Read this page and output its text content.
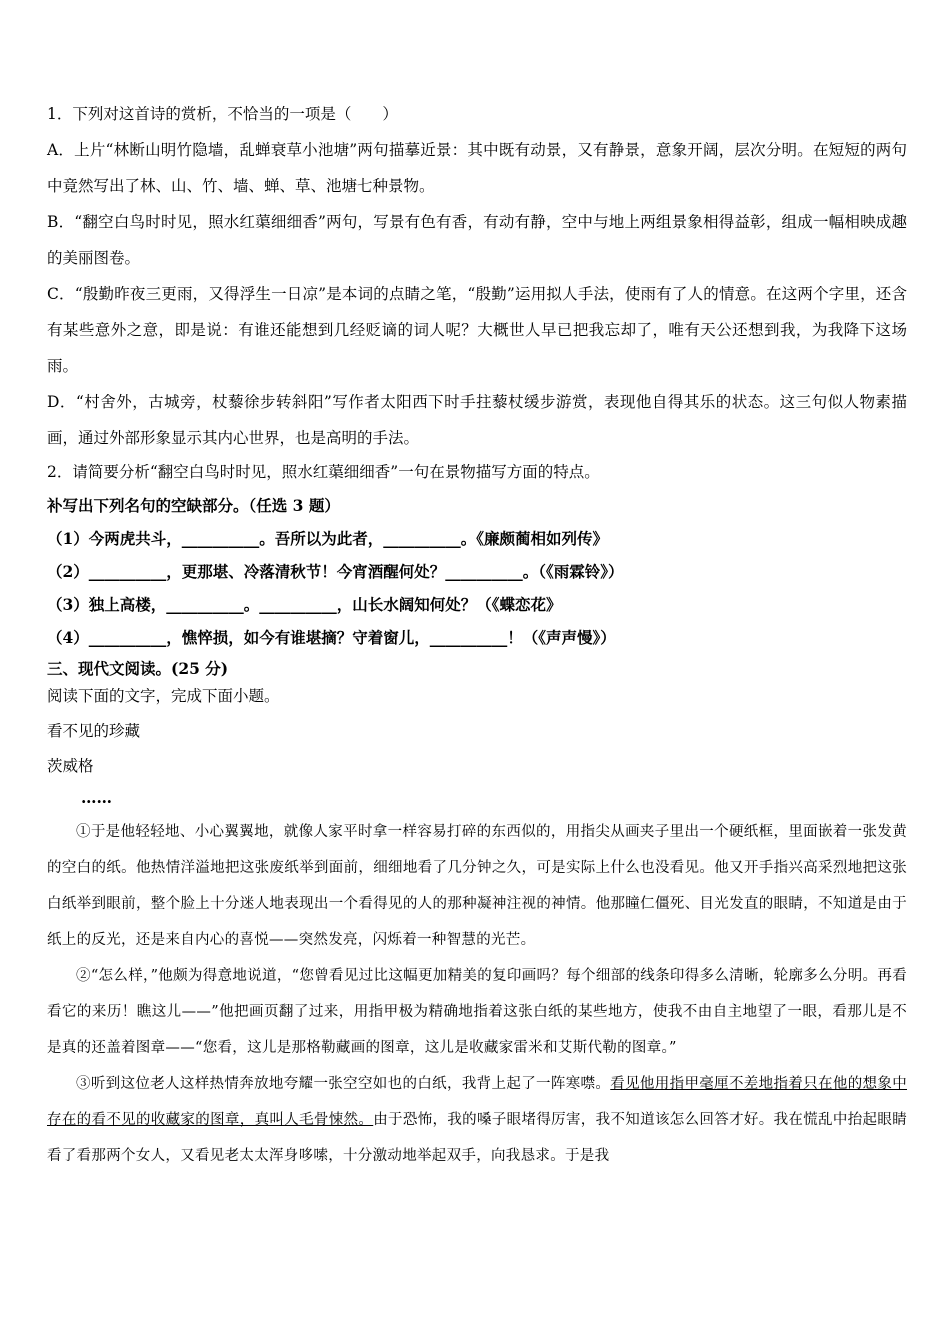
1．下列对这首诗的赏析，不恰当的一项是（　　）
A．上片“林断山明竹隐墙，乱蝉衰草小池塘”两句描摹近景：其中既有动景，又有静景，意象开阔，层次分明。在短短的两句中竟然写出了林、山、竹、墙、蝉、草、池塘七种景物。
B．“翻空白鸟时时见，照水红蕖细细香”两句，写景有色有香，有动有静，空中与地上两组景象相得益彰，组成一幅相映成趣的美丽图卷。
C．“殷勤昨夜三更雨，又得浮生一日凉”是本词的点睛之笔，“殷勤”运用拟人手法，使雨有了人的情意。在这两个字里，还含有某些意外之意，即是说：有谁还能想到几经贬谪的词人呢？大概世人早已把我忘却了，唯有天公还想到我，为我降下这场雨。
D．“村舍外，古城旁，杖藜徐步转斜阳”写作者太阳西下时手拄藜杖缓步游赏，表现他自得其乐的状态。这三句似人物素描画，通过外部形象显示其内心世界，也是高明的手法。
2．请简要分析“翻空白鸟时时见，照水红蕖细细香”一句在景物描写方面的特点。
补写出下列名句的空缺部分。（任选 3 题）
（1）今两虎共斗，__________。吾所以为此者，__________。《廉颇蔺相如列传》
（2）__________，更那堪、冷落清秋节！今宵酒醒何处？__________。（《雨霖铃》）
（3）独上高楼，__________。__________，山长水阔知何处？（《蝶恋花》
（4）__________，憔悴损，如今有谁堪摘？守着窗儿，__________！（《声声慢》）
三、现代文阅读。(25 分)
阅读下面的文字，完成下面小题。
看不见的珍藏
茨威格
……
①于是他轻轻地、小心翼翼地，就像人家平时拿一样容易打碎的东西似的，用指尖从画夹子里出一个硬纸框，里面嵌着一张发黄的空白的纸。他热情洋溢地把这张废纸举到面前，细细地看了几分钟之久，可是实际上什么也没看见。他又开手指兴高采烈地把这张白纸举到眼前，整个脸上十分迷人地表现出一个看得见的人的那种凝神注视的神情。他那瞳仁僵死、目光发直的眼睛，不知道是由于纸上的反光，还是来自内心的喜悦——突然发亮，闪烁着一种智慧的光芒。
②“怎么样，”他颇为得意地说道，“您曾看见过比这幅更加精美的复印画吗？每个细部的线条印得多么清晰，轮廓多么分明。再看看它的来历！瞧这儿——”他把画页翻了过来，用指甲极为精确地指着这张白纸的某些地方，使我不由自主地望了一眼，看那儿是不是真的还盖着图章——“您看，这儿是那格勒藏画的图章，这儿是收藏家雷米和艾斯代勒的图章。”
③听到这位老人这样热情奔放地夸耀一张空空如也的白纸，我背上起了一阵寒噤。看见他用指甲毫厘不差地指着只在他的想象中存在的看不见的收藏家的图章，真叫人毛骨悚然。由于恐怖，我的嗓子眼堵得厉害，我不知道该怎么回答才好。我在慌乱中抬起眼睛看了看那两个女人，又看见老太太浑身哆嗦，十分激动地举起双手，向我恳求。于是我
